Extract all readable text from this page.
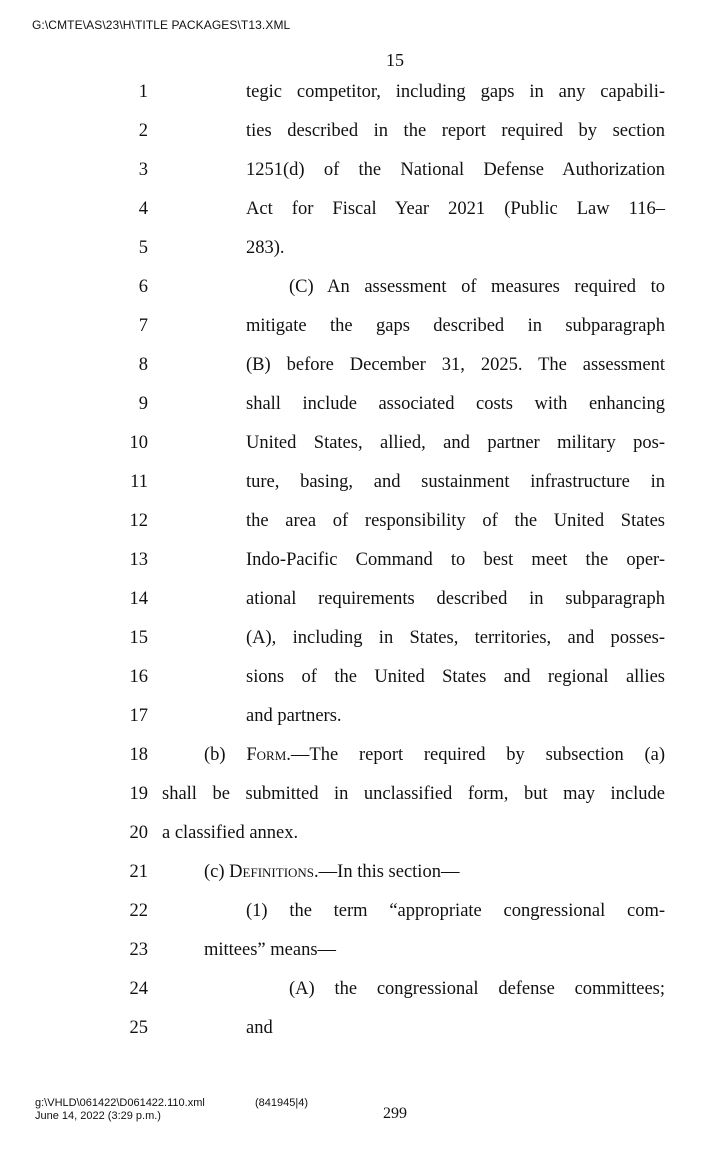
G:\CMTE\AS\23\H\TITLE PACKAGES\T13.XML
15
1	tegic competitor, including gaps in any capabili-
2	ties described in the report required by section
3	1251(d) of the National Defense Authorization
4	Act for Fiscal Year 2021 (Public Law 116–
5	283).
6	(C) An assessment of measures required to
7	mitigate the gaps described in subparagraph
8	(B) before December 31, 2025. The assessment
9	shall include associated costs with enhancing
10	United States, allied, and partner military pos-
11	ture, basing, and sustainment infrastructure in
12	the area of responsibility of the United States
13	Indo-Pacific Command to best meet the oper-
14	ational requirements described in subparagraph
15	(A), including in States, territories, and posses-
16	sions of the United States and regional allies
17	and partners.
18	(b) Form.—The report required by subsection (a)
19 shall be submitted in unclassified form, but may include
20 a classified annex.
21	(c) Definitions.—In this section—
22	(1) the term “appropriate congressional com-
23	mittees” means—
24	(A) the congressional defense committees;
25	and
g:\VHLD\061422\D061422.110.xml
June 14, 2022 (3:29 p.m.)
(841945|4)
299
